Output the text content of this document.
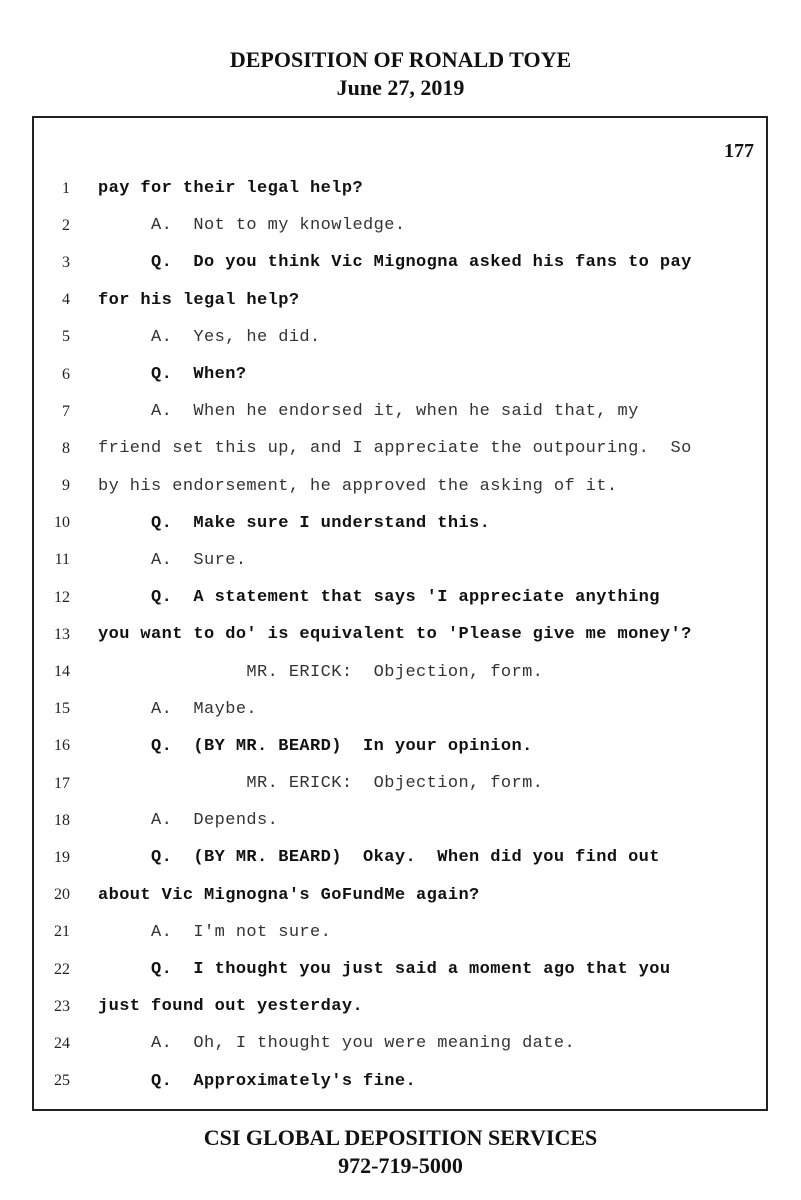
DEPOSITION OF RONALD TOYE
June 27, 2019
177
1 pay for their legal help?
2 A.  Not to my knowledge.
3 Q.  Do you think Vic Mignogna asked his fans to pay
4 for his legal help?
5 A.  Yes, he did.
6 Q.  When?
7 A.  When he endorsed it, when he said that, my
8 friend set this up, and I appreciate the outpouring.  So
9 by his endorsement, he approved the asking of it.
10 Q.  Make sure I understand this.
11 A.  Sure.
12 Q.  A statement that says 'I appreciate anything
13 you want to do' is equivalent to 'Please give me money'?
14 MR. ERICK:  Objection, form.
15 A.  Maybe.
16 Q.  (BY MR. BEARD)  In your opinion.
17 MR. ERICK:  Objection, form.
18 A.  Depends.
19 Q.  (BY MR. BEARD)  Okay.  When did you find out
20 about Vic Mignogna's GoFundMe again?
21 A.  I'm not sure.
22 Q.  I thought you just said a moment ago that you
23 just found out yesterday.
24 A.  Oh, I thought you were meaning date.
25 Q.  Approximately's fine.
CSI GLOBAL DEPOSITION SERVICES
972-719-5000
